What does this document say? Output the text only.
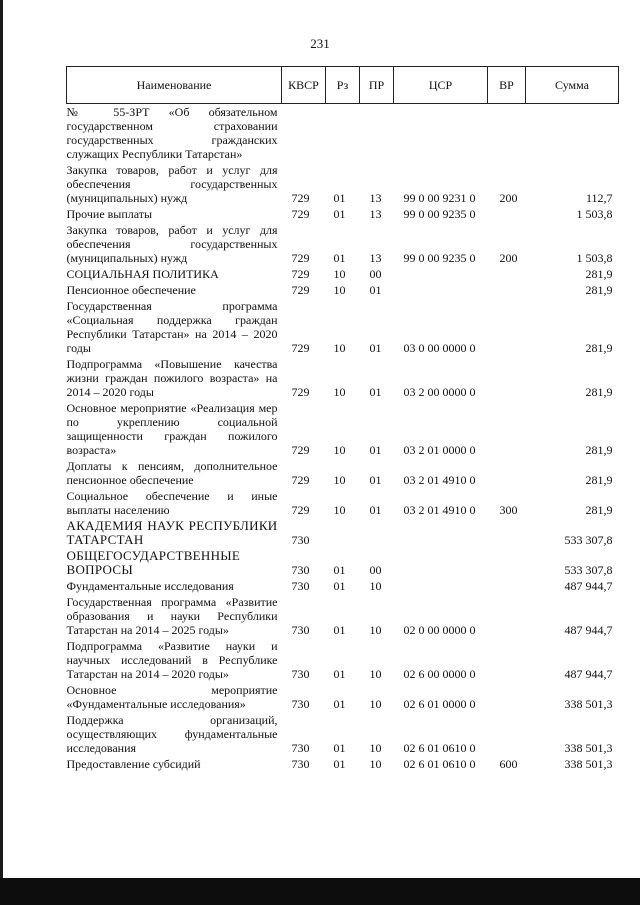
231
Наименование	КВСР	Рз	ПР	ЦСР	ВР	Сумма
№ 55-ЗРТ «Об обязательном государственном страховании государственных гражданских служащих Республики Татарстан»						
Закупка товаров, работ и услуг для обеспечения государственных (муниципальных) нужд	729	01	13	99 0 00 9231 0	200	112,7
Прочие выплаты	729	01	13	99 0 00 9235 0		1 503,8
Закупка товаров, работ и услуг для обеспечения государственных (муниципальных) нужд	729	01	13	99 0 00 9235 0	200	1 503,8
СОЦИАЛЬНАЯ ПОЛИТИКА	729	10	00			281,9
Пенсионное обеспечение	729	10	01			281,9
Государственная программа «Социальная поддержка граждан Республики Татарстан» на 2014 – 2020 годы	729	10	01	03 0 00 0000 0		281,9
Подпрограмма «Повышение качества жизни граждан пожилого возраста» на 2014 – 2020 годы	729	10	01	03 2 00 0000 0		281,9
Основное мероприятие «Реализация мер по укреплению социальной защищенности граждан пожилого возраста»	729	10	01	03 2 01 0000 0		281,9
Доплаты к пенсиям, дополнительное пенсионное обеспечение	729	10	01	03 2 01 4910 0		281,9
Социальное обеспечение и иные выплаты населению	729	10	01	03 2 01 4910 0	300	281,9
АКАДЕМИЯ НАУК РЕСПУБЛИКИ ТАТАРСТАН	730					533 307,8
ОБЩЕГОСУДАРСТВЕННЫЕ ВОПРОСЫ	730	01	00			533 307,8
Фундаментальные исследования	730	01	10			487 944,7
Государственная программа «Развитие образования и науки Республики Татарстан на 2014 – 2025 годы»	730	01	10	02 0 00 0000 0		487 944,7
Подпрограмма «Развитие науки и научных исследований в Республике Татарстан на 2014 – 2020 годы»	730	01	10	02 6 00 0000 0		487 944,7
Основное мероприятие «Фундаментальные исследования»	730	01	10	02 6 01 0000 0		338 501,3
Поддержка организаций, осуществляющих фундаментальные исследования	730	01	10	02 6 01 0610 0		338 501,3
Предоставление субсидий	730	01	10	02 6 01 0610 0	600	338 501,3
